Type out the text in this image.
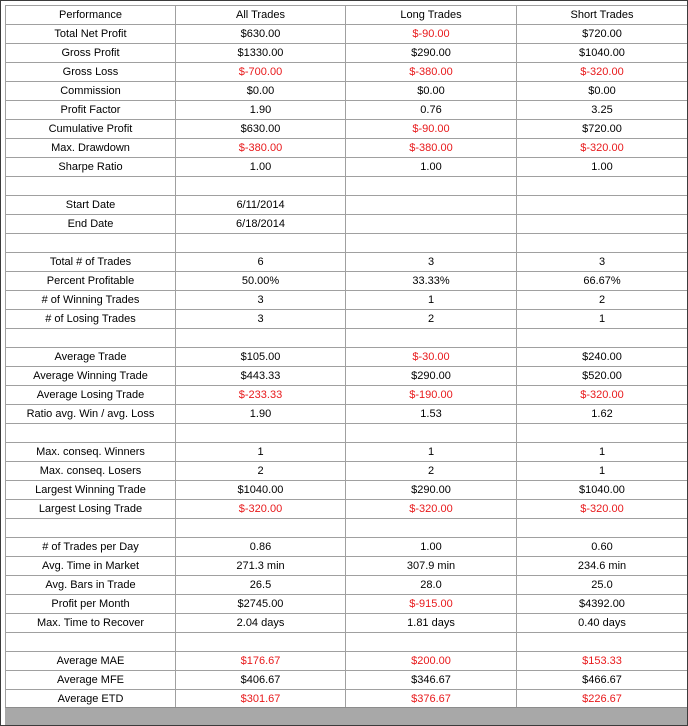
Performance	All Trades	Long Trades	Short Trades
Total Net Profit	$630.00	$-90.00	$720.00
Gross Profit	$1330.00	$290.00	$1040.00
Gross Loss	$-700.00	$-380.00	$-320.00
Commission	$0.00	$0.00	$0.00
Profit Factor	1.90	0.76	3.25
Cumulative Profit	$630.00	$-90.00	$720.00
Max. Drawdown	$-380.00	$-380.00	$-320.00
Sharpe Ratio	1.00	1.00	1.00

Start Date	6/11/2014		
End Date	6/18/2014		

Total # of Trades	6	3	3
Percent Profitable	50.00%	33.33%	66.67%
# of Winning Trades	3	1	2
# of Losing Trades	3	2	1

Average Trade	$105.00	$-30.00	$240.00
Average Winning Trade	$443.33	$290.00	$520.00
Average Losing Trade	$-233.33	$-190.00	$-320.00
Ratio avg. Win / avg. Loss	1.90	1.53	1.62

Max. conseq. Winners	1	1	1
Max. conseq. Losers	2	2	1
Largest Winning Trade	$1040.00	$290.00	$1040.00
Largest Losing Trade	$-320.00	$-320.00	$-320.00

# of Trades per Day	0.86	1.00	0.60
Avg. Time in Market	271.3 min	307.9 min	234.6 min
Avg. Bars in Trade	26.5	28.0	25.0
Profit per Month	$2745.00	$-915.00	$4392.00
Max. Time to Recover	2.04 days	1.81 days	0.40 days

Average MAE	$176.67	$200.00	$153.33
Average MFE	$406.67	$346.67	$466.67
Average ETD	$301.67	$376.67	$226.67
